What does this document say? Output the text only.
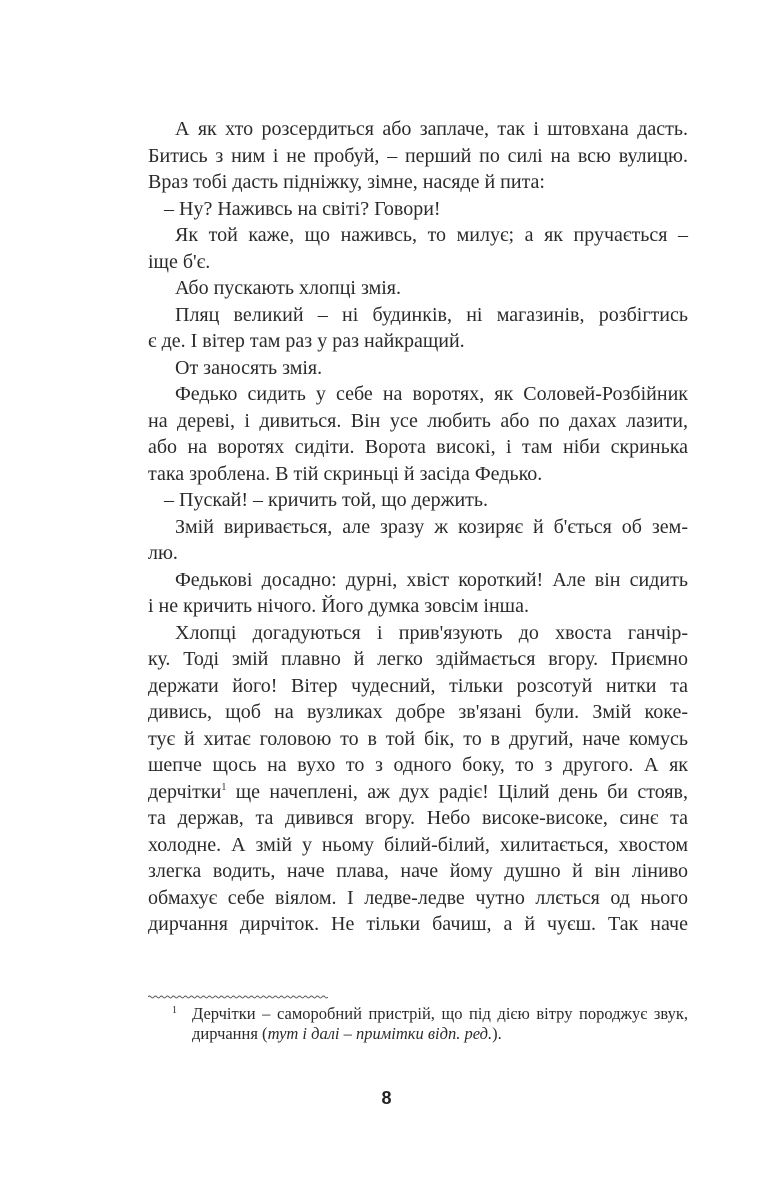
А як хто розсердиться або заплаче, так і штовхана дасть.
Битись з ним і не пробуй, – перший по силі на всю вулицю.
Враз тобі дасть підніжку, зімне, насяде й пита:
– Ну? Наживсь на світі? Говори!
Як той каже, що наживсь, то милує; а як пручається –
іще б'є.
Або пускають хлопці змія.
Пляц великий – ні будинків, ні магазинів, розбігтись
є де. І вітер там раз у раз найкращий.
От заносять змія.
Федько сидить у себе на воротях, як Соловей-Розбійник
на дереві, і дивиться. Він усе любить або по дахах лазити,
або на воротях сидіти. Ворота високі, і там ніби скринька
така зроблена. В тій скриньці й засіда Федько.
– Пускай! – кричить той, що держить.
Змій виривається, але зразу ж козиряє й б'ється об зем-
лю.
Федькові досадно: дурні, хвіст короткий! Але він сидить
і не кричить нічого. Його думка зовсім інша.
Хлопці догадуються і прив'язують до хвоста ганчір-
ку. Тоді змій плавно й легко здіймається вгору. Приємно
держати його! Вітер чудесний, тільки розсотуй нитки та
дивись, щоб на вузликах добре зв'язані були. Змій коке-
тує й хитає головою то в той бік, то в другий, наче комусь
шепче щось на вухо то з одного боку, то з другого. А як
дерчітки$^1$ ще начеплені, аж дух радіє! Цілий день би стояв,
та держав, та дивився вгору. Небо високе-високе, синє та
холодне. А змій у ньому білий-білий, хилитається, хвостом
злегка водить, наче плава, наче йому душно й він ліниво
обмахує себе віялом. І ледве-ледве чутно ллється од нього
дирчання дирчіток. Не тільки бачиш, а й чуєш. Так наче
1 Дерчітки – саморобний пристрій, що під дією вітру породжує звук,
дирчання (тут і далі – примітки відп. ред.).
8
